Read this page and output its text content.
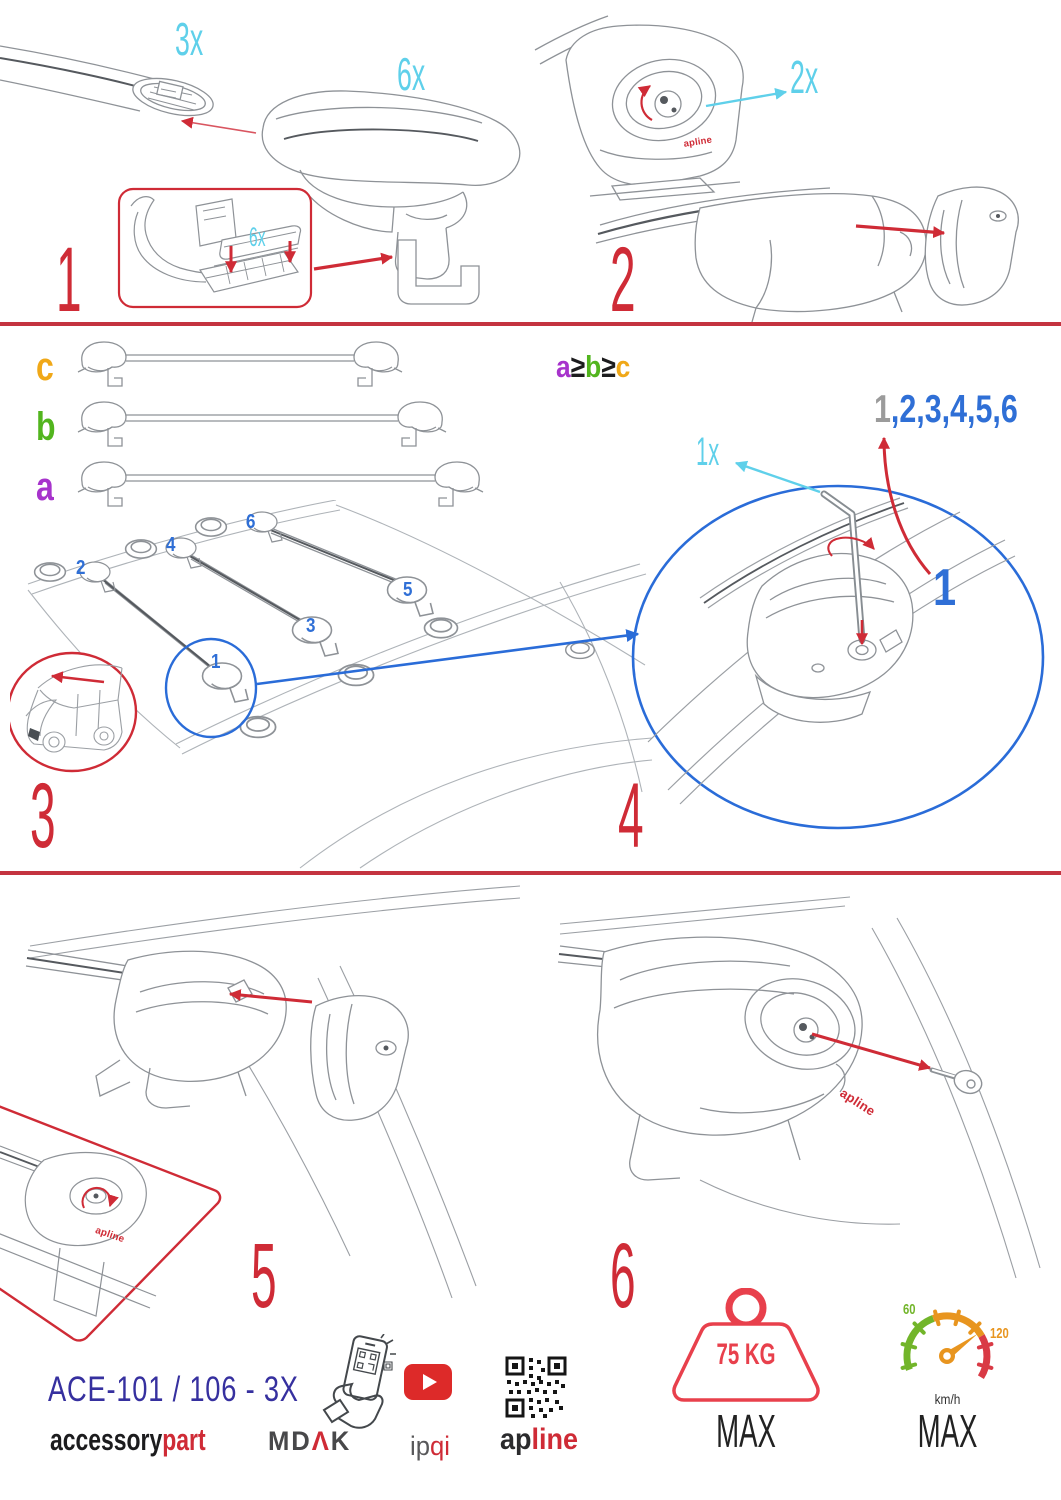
3x
6x
6x
1
2x
2
apline
c
b
a
a≥b≥c
1
2
3
4
5
6
3
1,2,3,4,5,6
1x
1
4
5
apline	6
apline
ACE-101 / 106 - 3X
accessorypart MDΛK ipqi apline
75 KG
MAX
60
120
km/h
MAX
